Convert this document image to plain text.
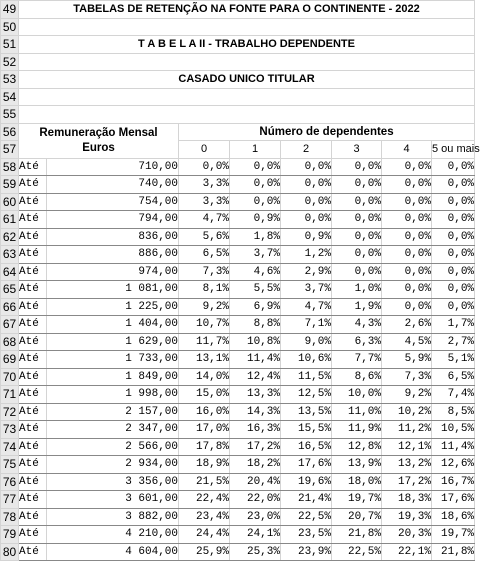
49	TABELAS DE RETENÇÃO NA FONTE PARA O CONTINENTE - 2022							
50								
51	T A B E L A II - TRABALHO DEPENDENTE							
52								
53	CASADO UNICO TITULAR							
54								
55								
56	Remuneração Mensal
Euros		Número de dependentes					
57			0	1	2	3	4	5 ou mais
58	Até	710,00	0,0%	0,0%	0,0%	0,0%	0,0%	0,0%
59	Até	740,00	3,3%	0,0%	0,0%	0,0%	0,0%	0,0%
60	Até	754,00	3,3%	0,0%	0,0%	0,0%	0,0%	0,0%
61	Até	794,00	4,7%	0,9%	0,0%	0,0%	0,0%	0,0%
62	Até	836,00	5,6%	1,8%	0,9%	0,0%	0,0%	0,0%
63	Até	886,00	6,5%	3,7%	1,2%	0,0%	0,0%	0,0%
64	Até	974,00	7,3%	4,6%	2,9%	0,0%	0,0%	0,0%
65	Até	1 081,00	8,1%	5,5%	3,7%	1,0%	0,0%	0,0%
66	Até	1 225,00	9,2%	6,9%	4,7%	1,9%	0,0%	0,0%
67	Até	1 404,00	10,7%	8,8%	7,1%	4,3%	2,6%	1,7%
68	Até	1 629,00	11,7%	10,8%	9,0%	6,3%	4,5%	2,7%
69	Até	1 733,00	13,1%	11,4%	10,6%	7,7%	5,9%	5,1%
70	Até	1 849,00	14,0%	12,4%	11,5%	8,6%	7,3%	6,5%
71	Até	1 998,00	15,0%	13,3%	12,5%	10,0%	9,2%	7,4%
72	Até	2 157,00	16,0%	14,3%	13,5%	11,0%	10,2%	8,5%
73	Até	2 347,00	17,0%	16,3%	15,5%	11,9%	11,2%	10,5%
74	Até	2 566,00	17,8%	17,2%	16,5%	12,8%	12,1%	11,4%
75	Até	2 934,00	18,9%	18,2%	17,6%	13,9%	13,2%	12,6%
76	Até	3 356,00	21,5%	20,4%	19,6%	18,0%	17,2%	16,7%
77	Até	3 601,00	22,4%	22,0%	21,4%	19,7%	18,3%	17,6%
78	Até	3 882,00	23,4%	23,0%	22,5%	20,7%	19,3%	18,6%
79	Até	4 210,00	24,4%	24,1%	23,5%	21,8%	20,3%	19,7%
80	Até	4 604,00	25,9%	25,3%	23,9%	22,5%	22,1%	21,8%
